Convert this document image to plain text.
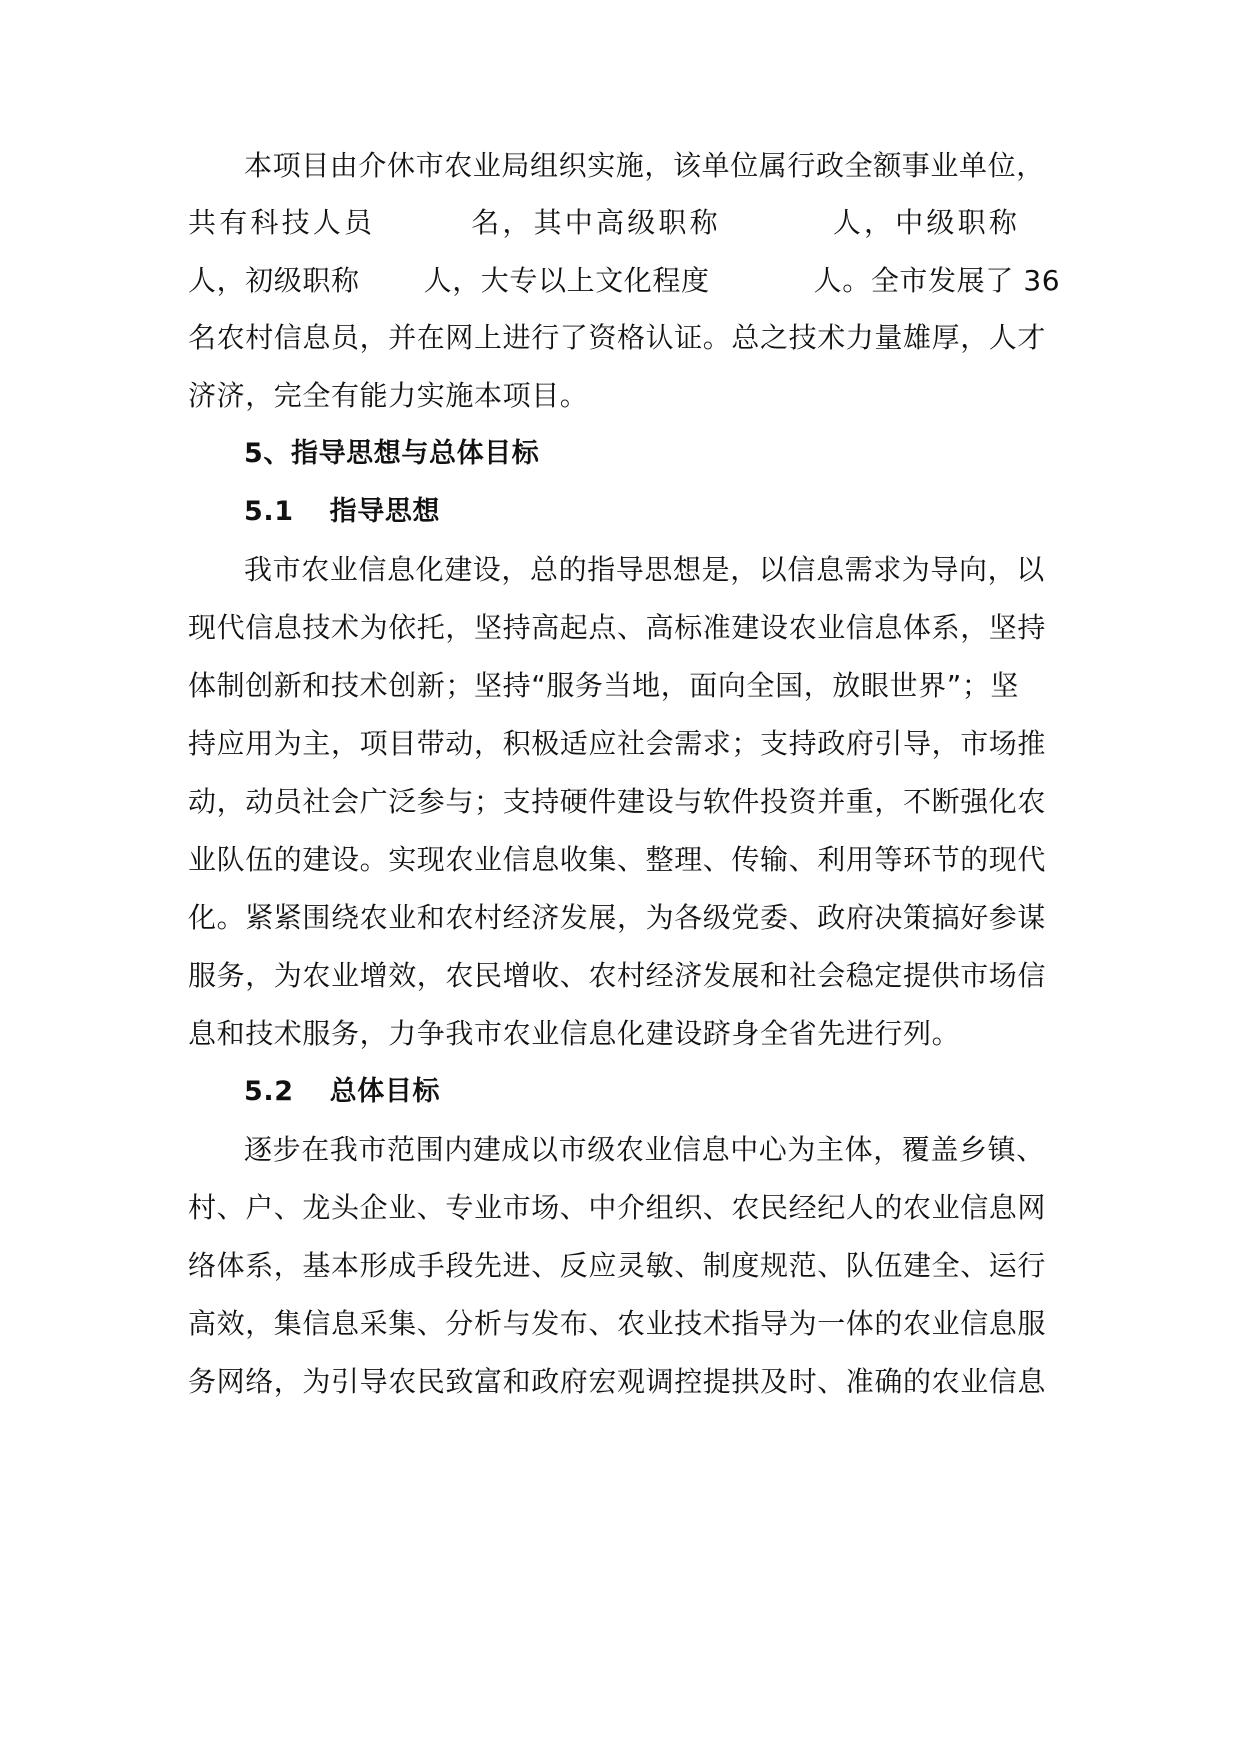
本项目由介休市农业局组织实施，该单位属行政全额事业单位，
共有科技人员	名，其中高级职称	人，中级职称
人，初级职称 人，大专以上文化程度	人。全市发展了 36
名农村信息员，并在网上进行了资格认证。总之技术力量雄厚，人才
济济，完全有能力实施本项目。
5、指导思想与总体目标
5.1 指导思想
我市农业信息化建设，总的指导思想是，以信息需求为导向，以
现代信息技术为依托，坚持高起点、高标准建设农业信息体系，坚持
体制创新和技术创新；坚持“服务当地，面向全国，放眼世界”；坚
持应用为主，项目带动，积极适应社会需求；支持政府引导，市场推
动，动员社会广泛参与；支持硬件建设与软件投资并重，不断强化农
业队伍的建设。实现农业信息收集、整理、传输、利用等环节的现代
化。紧紧围绕农业和农村经济发展，为各级党委、政府决策搞好参谋
服务，为农业增效，农民增收、农村经济发展和社会稳定提供市场信
息和技术服务，力争我市农业信息化建设跻身全省先进行列。
5.2 总体目标
逐步在我市范围内建成以市级农业信息中心为主体，覆盖乡镇、
村、户、龙头企业、专业市场、中介组织、农民经纪人的农业信息网
络体系，基本形成手段先进、反应灵敏、制度规范、队伍建全、运行
高效，集信息采集、分析与发布、农业技术指导为一体的农业信息服
务网络，为引导农民致富和政府宏观调控提拱及时、准确的农业信息
